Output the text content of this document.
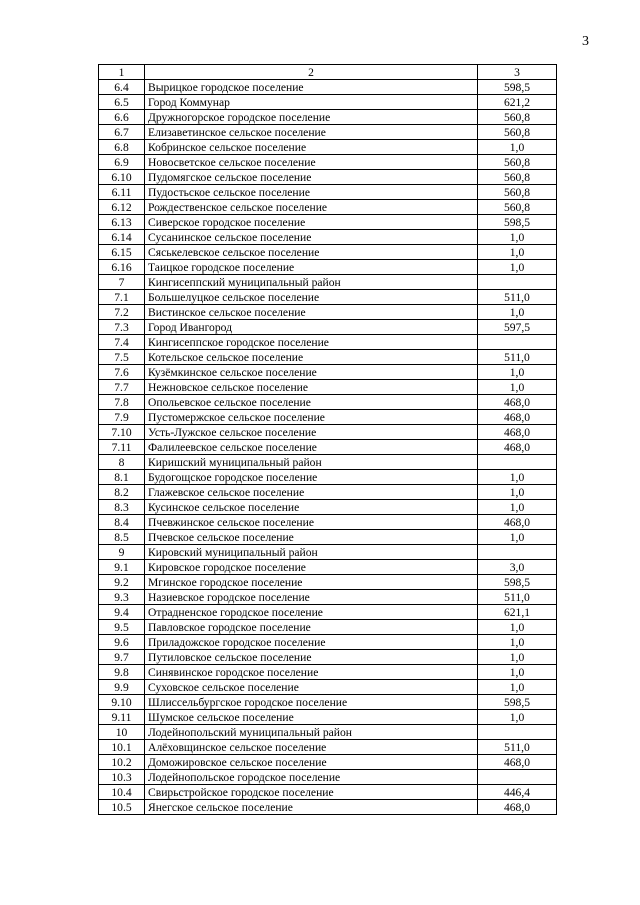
3
1	2	3
6.4	Вырицкое городское поселение	598,5
6.5	Город Коммунар	621,2
6.6	Дружногорское городское поселение	560,8
6.7	Елизаветинское сельское поселение	560,8
6.8	Кобринское сельское поселение	1,0
6.9	Новосветское сельское поселение	560,8
6.10	Пудомягское сельское поселение	560,8
6.11	Пудостьское сельское поселение	560,8
6.12	Рождественское сельское поселение	560,8
6.13	Сиверское городское поселение	598,5
6.14	Сусанинское сельское поселение	1,0
6.15	Сяськелевское сельское поселение	1,0
6.16	Таицкое городское поселение	1,0
7	Кингисеппский муниципальный район	
7.1	Большелуцкое сельское поселение	511,0
7.2	Вистинское сельское поселение	1,0
7.3	Город Ивангород	597,5
7.4	Кингисеппское городское поселение	
7.5	Котельское сельское поселение	511,0
7.6	Кузёмкинское сельское поселение	1,0
7.7	Нежновское сельское поселение	1,0
7.8	Опольевское сельское поселение	468,0
7.9	Пустомержское сельское поселение	468,0
7.10	Усть-Лужское сельское поселение	468,0
7.11	Фалилеевское сельское поселение	468,0
8	Киришский муниципальный район	
8.1	Будогощское городское поселение	1,0
8.2	Глажевское сельское поселение	1,0
8.3	Кусинское сельское поселение	1,0
8.4	Пчевжинское сельское поселение	468,0
8.5	Пчевское сельское поселение	1,0
9	Кировский муниципальный район	
9.1	Кировское городское поселение	3,0
9.2	Мгинское городское поселение	598,5
9.3	Назиевское городское поселение	511,0
9.4	Отрадненское городское поселение	621,1
9.5	Павловское городское поселение	1,0
9.6	Приладожское городское поселение	1,0
9.7	Путиловское сельское поселение	1,0
9.8	Синявинское городское поселение	1,0
9.9	Суховское сельское поселение	1,0
9.10	Шлиссельбургское городское поселение	598,5
9.11	Шумское сельское поселение	1,0
10	Лодейнопольский муниципальный район	
10.1	Алёховщинское сельское поселение	511,0
10.2	Доможировское сельское поселение	468,0
10.3	Лодейнопольское городское поселение	
10.4	Свирьстройское городское поселение	446,4
10.5	Янегское сельское поселение	468,0
